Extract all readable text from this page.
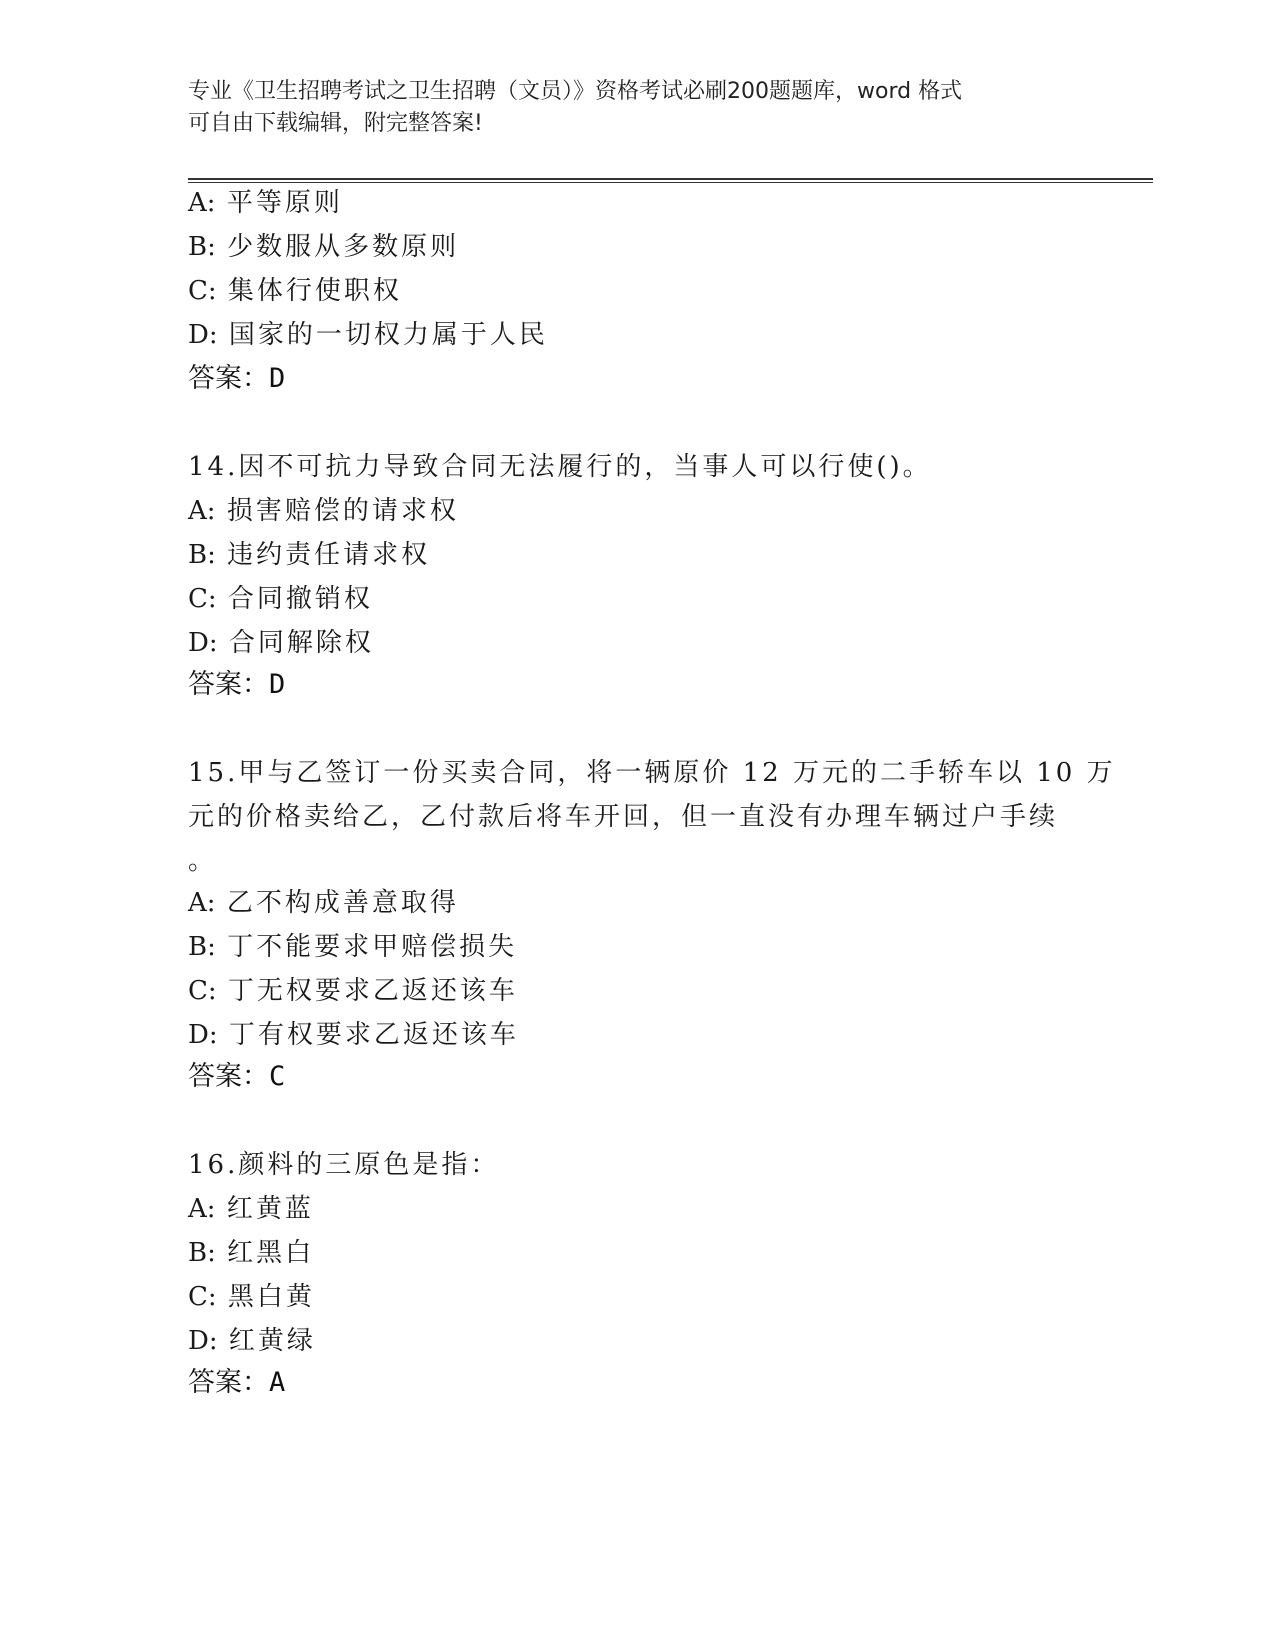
专业《卫生招聘考试之卫生招聘（文员）》资格考试必刷200题题库，word 格式
可自由下载编辑，附完整答案!
A: 平等原则
B: 少数服从多数原则
C: 集体行使职权
D: 国家的一切权力属于人民
答案：D
14.因不可抗力导致合同无法履行的，当事人可以行使()。
A: 损害赔偿的请求权
B: 违约责任请求权
C: 合同撤销权
D: 合同解除权
答案：D
15.甲与乙签订一份买卖合同，将一辆原价 12 万元的二手轿车以 10 万
元的价格卖给乙，乙付款后将车开回，但一直没有办理车辆过户手续
。
A: 乙不构成善意取得
B: 丁不能要求甲赔偿损失
C: 丁无权要求乙返还该车
D: 丁有权要求乙返还该车
答案：C
16.颜料的三原色是指：
A: 红黄蓝
B: 红黑白
C: 黑白黄
D: 红黄绿
答案：A
